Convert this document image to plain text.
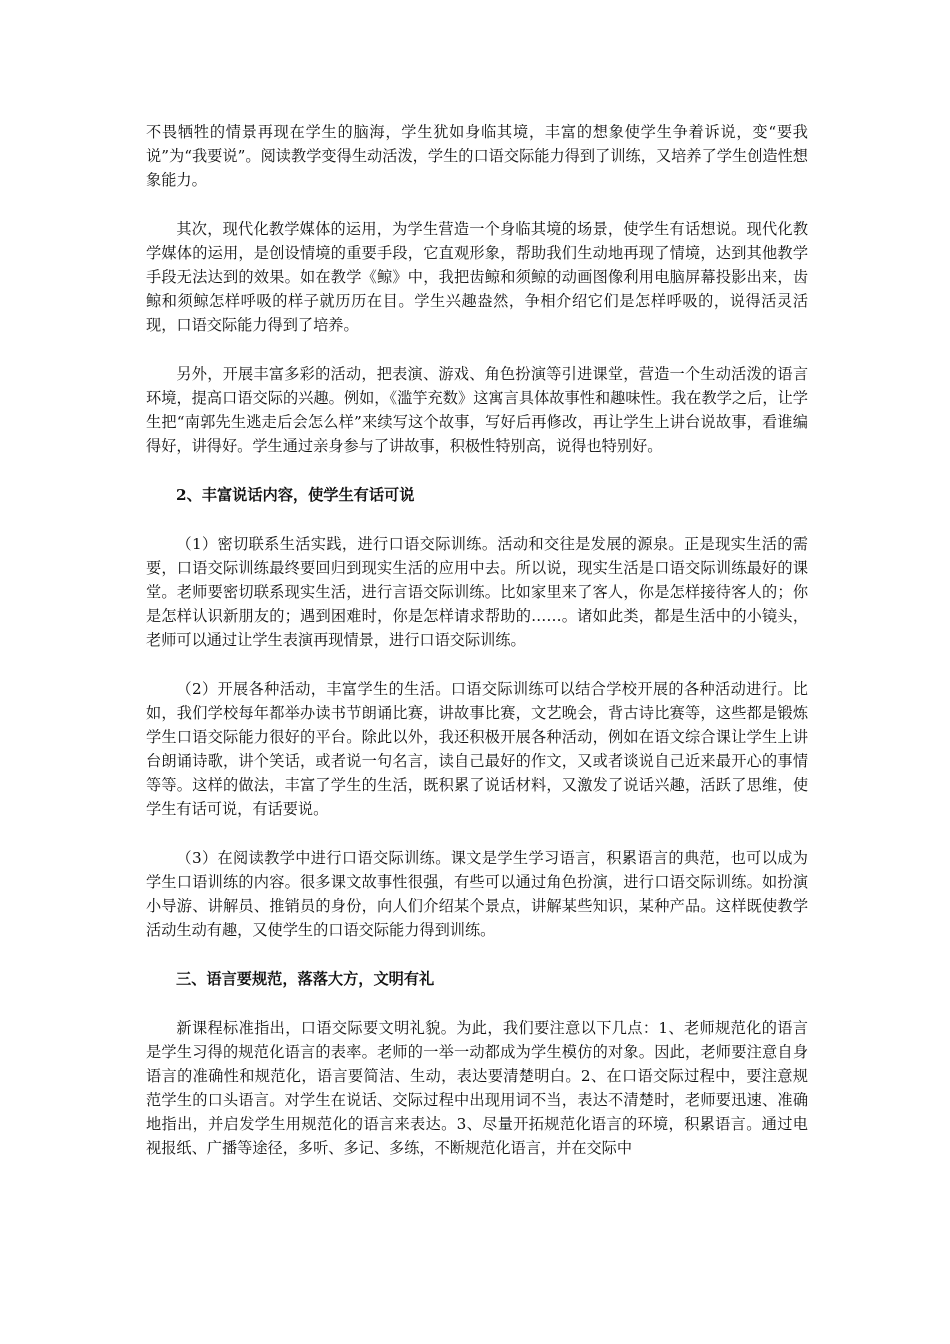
不畏牺牲的情景再现在学生的脑海，学生犹如身临其境，丰富的想象使学生争着诉说，变“要我说”为“我要说”。阅读教学变得生动活泼，学生的口语交际能力得到了训练，又培养了学生创造性想象能力。

其次，现代化教学媒体的运用，为学生营造一个身临其境的场景，使学生有话想说。现代化教学媒体的运用，是创设情境的重要手段，它直观形象，帮助我们生动地再现了情境，达到其他教学手段无法达到的效果。如在教学《鲸》中，我把齿鲸和须鲸的动画图像利用电脑屏幕投影出来，齿鲸和须鲸怎样呼吸的样子就历历在目。学生兴趣盎然，争相介绍它们是怎样呼吸的，说得活灵活现，口语交际能力得到了培养。

另外，开展丰富多彩的活动，把表演、游戏、角色扮演等引进课堂，营造一个生动活泼的语言环境，提高口语交际的兴趣。例如，《滥竽充数》这寓言具体故事性和趣味性。我在教学之后，让学生把“南郭先生逃走后会怎么样”来续写这个故事，写好后再修改，再让学生上讲台说故事，看谁编得好，讲得好。学生通过亲身参与了讲故事，积极性特别高，说得也特别好。

2、丰富说话内容，使学生有话可说

（1）密切联系生活实践，进行口语交际训练。活动和交往是发展的源泉。正是现实生活的需要，口语交际训练最终要回归到现实生活的应用中去。所以说，现实生活是口语交际训练最好的课堂。老师要密切联系现实生活，进行言语交际训练。比如家里来了客人，你是怎样接待客人的；你是怎样认识新朋友的；遇到困难时，你是怎样请求帮助的……。诸如此类，都是生活中的小镜头，老师可以通过让学生表演再现情景，进行口语交际训练。

（2）开展各种活动，丰富学生的生活。口语交际训练可以结合学校开展的各种活动进行。比如，我们学校每年都举办读书节朗诵比赛，讲故事比赛，文艺晚会，背古诗比赛等，这些都是锻炼学生口语交际能力很好的平台。除此以外，我还积极开展各种活动，例如在语文综合课让学生上讲台朗诵诗歌，讲个笑话，或者说一句名言，读自己最好的作文，又或者谈说自己近来最开心的事情等等。这样的做法，丰富了学生的生活，既积累了说话材料，又激发了说话兴趣，活跃了思维，使学生有话可说，有话要说。

（3）在阅读教学中进行口语交际训练。课文是学生学习语言，积累语言的典范，也可以成为学生口语训练的内容。很多课文故事性很强，有些可以通过角色扮演，进行口语交际训练。如扮演小导游、讲解员、推销员的身份，向人们介绍某个景点，讲解某些知识，某种产品。这样既使教学活动生动有趣，又使学生的口语交际能力得到训练。

三、语言要规范，落落大方，文明有礼

新课程标准指出，口语交际要文明礼貌。为此，我们要注意以下几点：1、老师规范化的语言是学生习得的规范化语言的表率。老师的一举一动都成为学生模仿的对象。因此，老师要注意自身语言的准确性和规范化，语言要简洁、生动，表达要清楚明白。2、在口语交际过程中，要注意规范学生的口头语言。对学生在说话、交际过程中出现用词不当，表达不清楚时，老师要迅速、准确地指出，并启发学生用规范化的语言来表达。3、尽量开拓规范化语言的环境，积累语言。通过电视报纸、广播等途径，多听、多记、多练，不断规范化语言，并在交际中
